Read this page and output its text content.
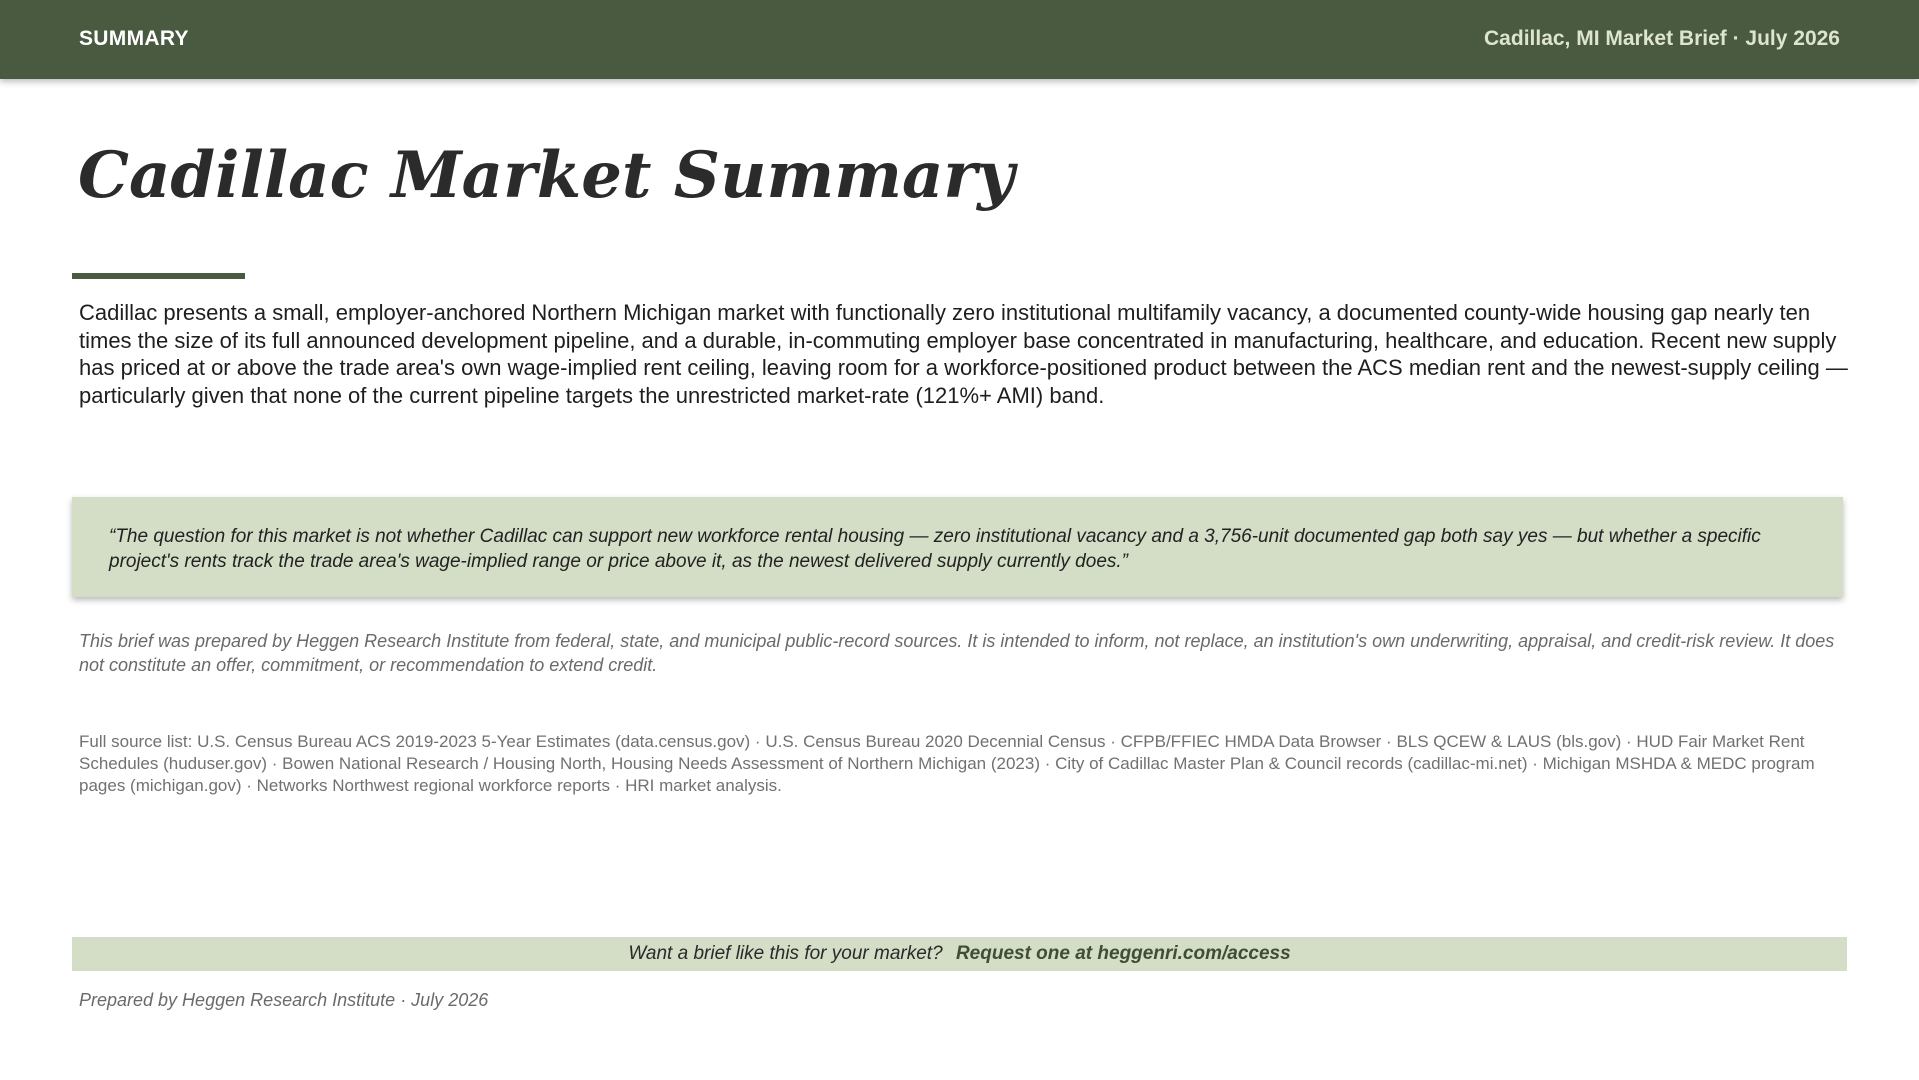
SUMMARY	Cadillac, MI Market Brief · July 2026
Cadillac Market Summary

Cadillac presents a small, employer-anchored Northern Michigan market with functionally zero institutional multifamily vacancy, a documented county-wide housing gap nearly ten times the size of its full announced development pipeline, and a durable, in-commuting employer base concentrated in manufacturing, healthcare, and education. Recent new supply has priced at or above the trade area's own wage-implied rent ceiling, leaving room for a workforce-positioned product between the ACS median rent and the newest-supply ceiling — particularly given that none of the current pipeline targets the unrestricted market-rate (121%+ AMI) band.

“The question for this market is not whether Cadillac can support new workforce rental housing — zero institutional vacancy and a 3,756-unit documented gap both say yes — but whether a specific project's rents track the trade area's wage-implied range or price above it, as the newest delivered supply currently does.”

This brief was prepared by Heggen Research Institute from federal, state, and municipal public-record sources. It is intended to inform, not replace, an institution's own underwriting, appraisal, and credit-risk review. It does not constitute an offer, commitment, or recommendation to extend credit.

Full source list: U.S. Census Bureau ACS 2019-2023 5-Year Estimates (data.census.gov) · U.S. Census Bureau 2020 Decennial Census · CFPB/FFIEC HMDA Data Browser · BLS QCEW & LAUS (bls.gov) · HUD Fair Market Rent Schedules (huduser.gov) · Bowen National Research / Housing North, Housing Needs Assessment of Northern Michigan (2023) · City of Cadillac Master Plan & Council records (cadillac-mi.net) · Michigan MSHDA & MEDC program pages (michigan.gov) · Networks Northwest regional workforce reports · HRI market analysis.

Want a brief like this for your market? Request one at heggenri.com/access

Prepared by Heggen Research Institute · July 2026
